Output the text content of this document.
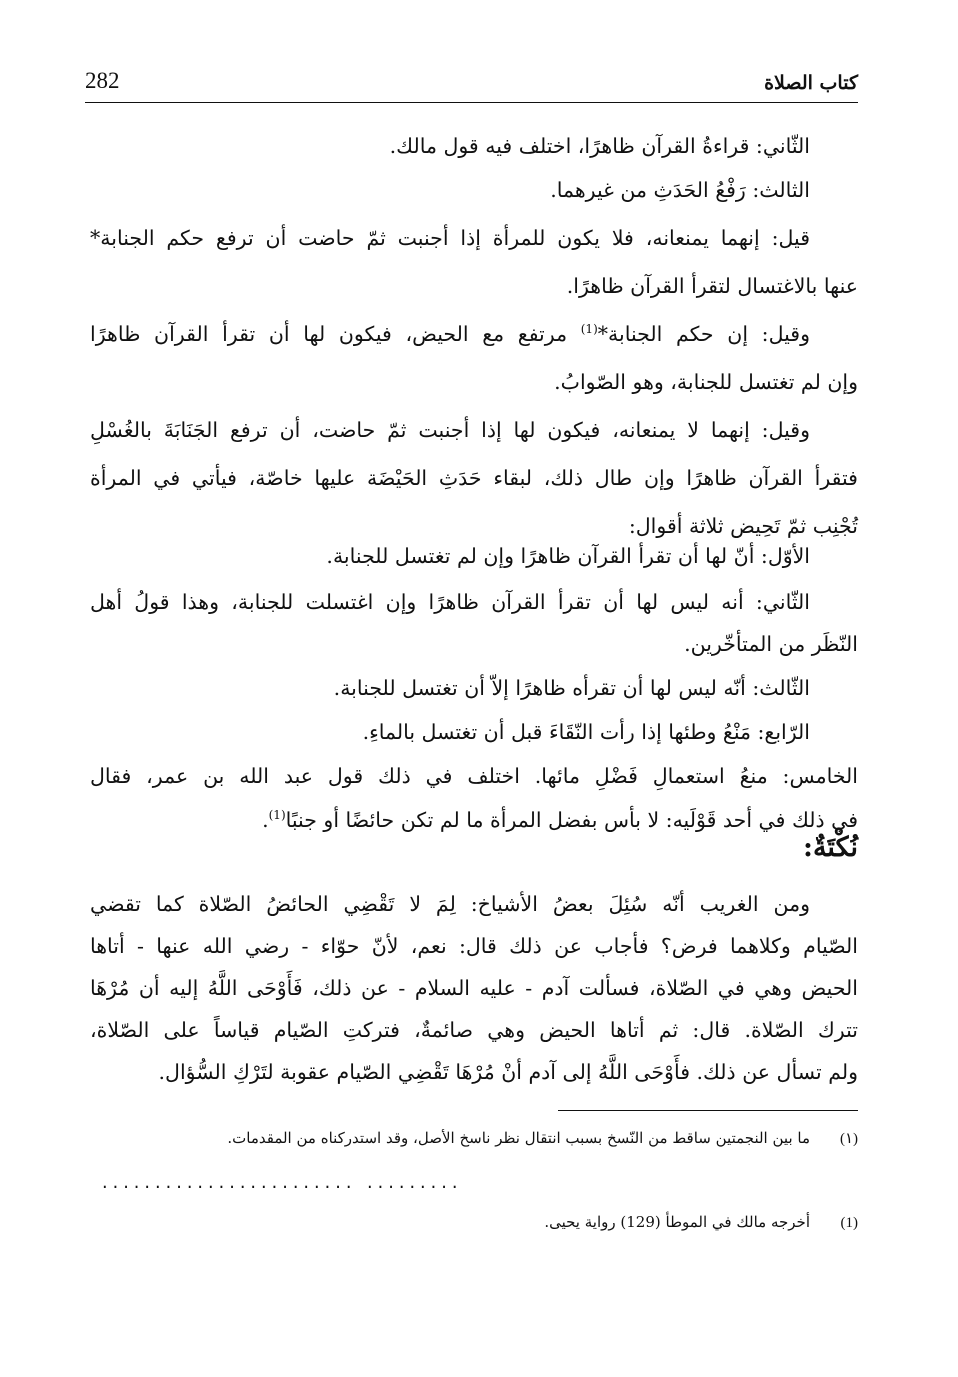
كتاب الصلاة
282
الثّاني: قراءةُ القرآن ظاهرًا، اختلف فيه قول مالك.
الثالث: رَفْعُ الحَدَثِ من غيرهما.
قيل: إنهما يمنعانه، فلا يكون للمرأة إذا أجنبت ثمّ حاضت أن ترفع حكم الجنابة*
عنها بالاغتسال لتقرأ القرآن ظاهرًا.
وقيل: إن حكم الجنابة*$^{(1)}$ مرتفع مع الحيض، فيكون لها أن تقرأ القرآن ظاهرًا
وإن لم تغتسل للجنابة، وهو الصّوابُ.
وقيل: إنهما لا يمنعانه، فيكون لها إذا أجنبت ثمّ حاضت، أن ترفع الجَنَابَةَ بالغُسْلِ
فتقرأ القرآن ظاهرًا وإن طال ذلك، لبقاء حَدَثِ الحَيْضَة عليها خاصّة، فيأتي في المرأة
تُجْنِب ثمّ تَحِيض ثلاثة أقوال:
الأوّل: أنّ لها أن تقرأ القرآن ظاهرًا وإن لم تغتسل للجنابة.
الثّاني: أنه ليس لها أن تقرأ القرآن ظاهرًا وإن اغتسلت للجنابة، وهذا قولُ أهل
النّظَر من المتأخّرين.
الثّالث: أنّه ليس لها أن تقرأه ظاهرًا إلاّ أن تغتسل للجنابة.
الرّابع: مَنْعُ وطئها إذا رأت النّقَاءَ قبل أن تغتسل بالماءِ.
الخامس: منعُ استعمالِ فَضْلِ مائها. اختلف في ذلك قول عبد الله بن عمر، فقال
في ذلك في أحد قَوْلَيه: لا بأس بفضل المرأة ما لم تكن حائضًا أو جنبًا$^{(1)}$.
نُكْتَةٌ:
ومن الغريب أنّه سُئِلَ بعضُ الأشياخ: لِمَ لا تَقْضِي الحائضُ الصّلاة كما تقضي
الصّيام وكلاهما فرض؟ فأجاب عن ذلك قال: نعم، لأنّ حوّاء - رضي الله عنها - أتاها
الحيض وهي في الصّلاة، فسألت آدم - عليه السلام - عن ذلك، فَأَوْحَى اللَّهُ إليه أن مُرْهَا
تترك الصّلاة. قال: ثم أتاها الحيض وهي صائمةٌ، فتركتِ الصّيام قياساً على الصّلاة،
ولم تسأل عن ذلك. فأَوْحَى اللَّهُ إلى آدم أنْ مُرْهَا تَقْضِي الصّيام عقوبة لتَرْكِ السُّؤال.
(١)ما بين النجمتين ساقط من النّسخ بسبب انتقال نظر ناسخ الأصل، وقد استدركناه من المقدمات.
........................ .........
(1)أخرجه مالك في الموطأ (129) رواية يحيى.
